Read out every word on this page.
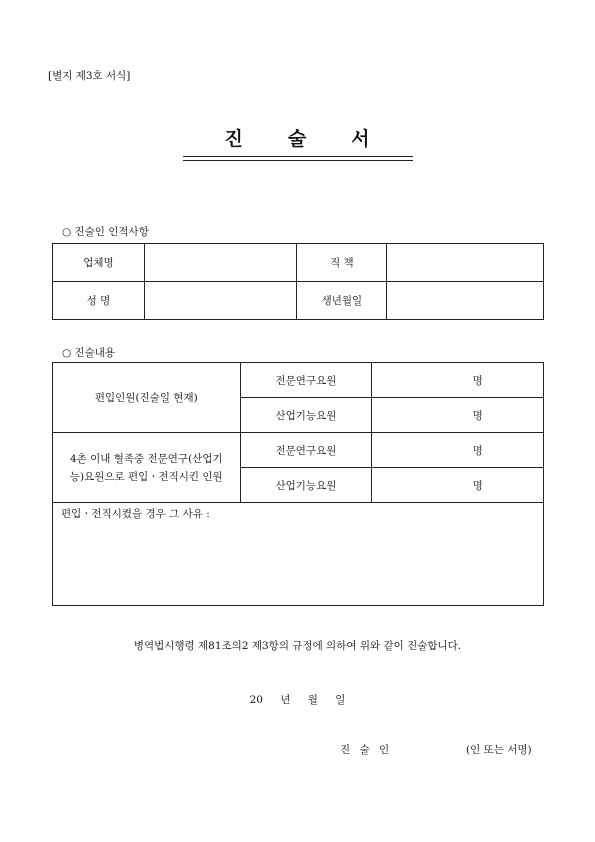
[별지 제3호 서식]
진 술 서
○ 진술인 인적사항
업체명		직 책	
성 명		생년월일	
○ 진술내용
편입인원(진술일 현재)	전문연구요원	명
	산업기능요원	명

4촌 이내 혈족중 전문연구(산업기
능)요원으로 편입ㆍ전직시킨 인원	전문연구요원	명
	산업기능요원	명
편입ㆍ전직시켰을 경우 그 사유 :		
병역법시행령 제81조의2 제3항의 규정에 의하여 위와 같이 진술합니다.
20 년 월 일
진 술 인	(인 또는 서명)
